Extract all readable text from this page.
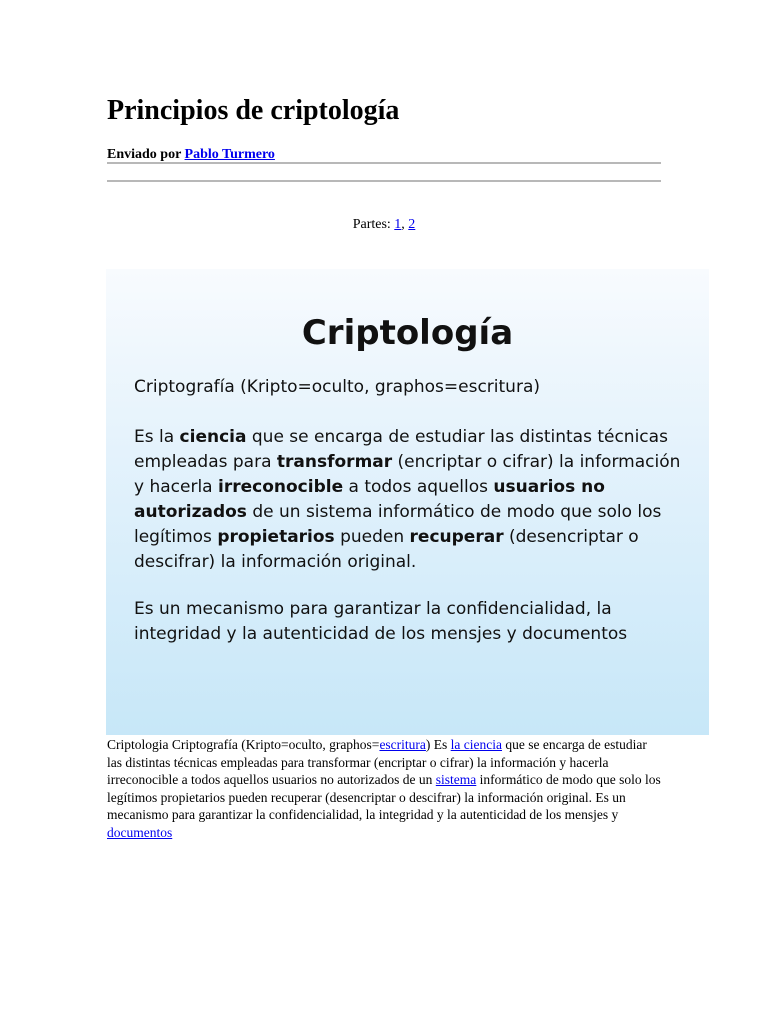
Principios de criptología
Enviado por Pablo Turmero
Partes: 1, 2
Criptología
Criptografía (Kripto=oculto, graphos=escritura)
Es la ciencia que se encarga de estudiar las distintas técnicas empleadas para transformar (encriptar o cifrar) la información y hacerla irreconocible a todos aquellos usuarios no autorizados de un sistema informático de modo que solo los legítimos propietarios pueden recuperar (desencriptar o descifrar) la información original.
Es un mecanismo para garantizar la confidencialidad, la integridad y la autenticidad de los mensjes y documentos
Criptologia Criptografía (Kripto=oculto, graphos=escritura) Es la ciencia que se encarga de estudiar las distintas técnicas empleadas para transformar (encriptar o cifrar) la información y hacerla irreconocible a todos aquellos usuarios no autorizados de un sistema informático de modo que solo los legítimos propietarios pueden recuperar (desencriptar o descifrar) la información original. Es un mecanismo para garantizar la confidencialidad, la integridad y la autenticidad de los mensjes y documentos
